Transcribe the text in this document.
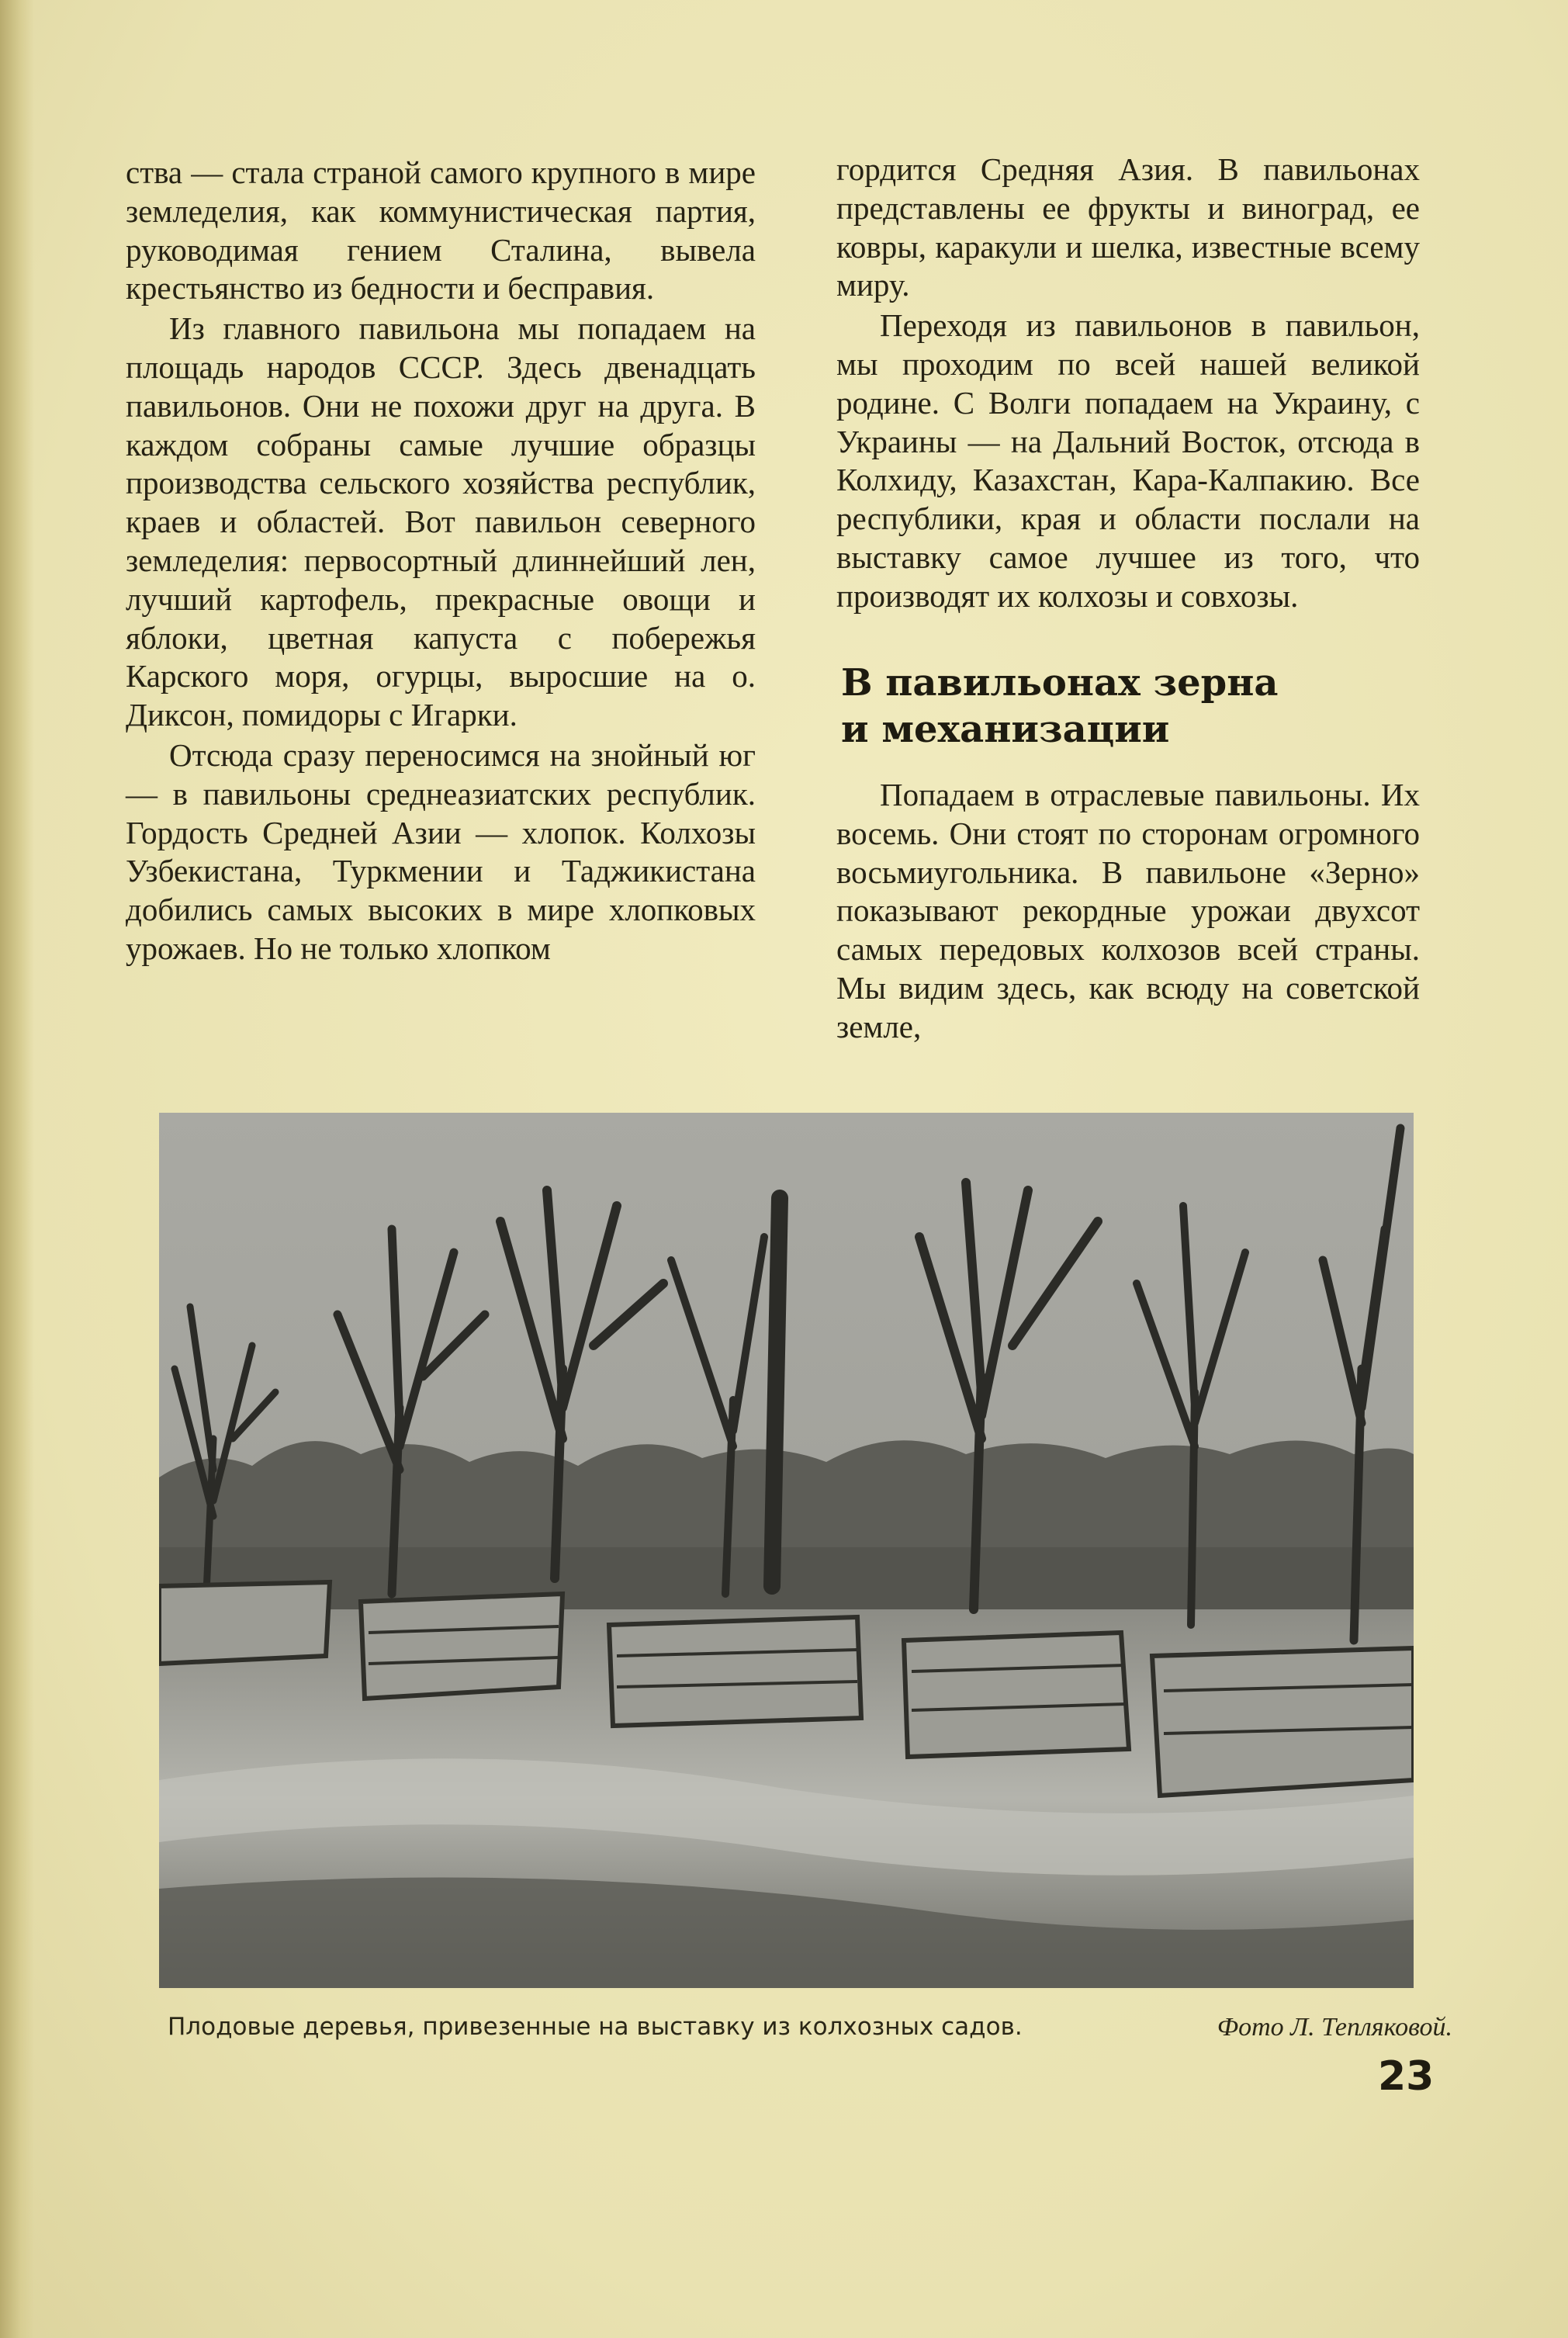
ства — стала страной самого крупного в мире земледелия, как коммунистическая партия, руководимая гением Сталина, вывела крестьянство из бедности и бесправия.

Из главного павильона мы попадаем на площадь народов СССР. Здесь двенадцать павильонов. Они не похожи друг на друга. В каждом собраны самые лучшие образцы производства сельского хозяйства республик, краев и областей. Вот павильон северного земледелия: первосортный длиннейший лен, лучший картофель, прекрасные овощи и яблоки, цветная капуста с побережья Карского моря, огурцы, выросшие на о. Диксон, помидоры с Игарки.

Отсюда сразу переносимся на знойный юг — в павильоны среднеазиатских республик. Гордость Средней Азии — хлопок. Колхозы Узбекистана, Туркмении и Таджикистана добились самых высоких в мире хлопковых урожаев. Но не только хлопком

гордится Средняя Азия. В павильонах представлены ее фрукты и виноград, ее ковры, каракули и шелка, известные всему миру.

Переходя из павильонов в павильон, мы проходим по всей нашей великой родине. С Волги попадаем на Украину, с Украины — на Дальний Восток, отсюда в Колхиду, Казахстан, Кара-Калпакию. Все республики, края и области послали на выставку самое лучшее из того, что производят их колхозы и совхозы.

В павильонах зерна
и механизации

Попадаем в отраслевые павильоны. Их восемь. Они стоят по сторонам огромного восьмиугольника. В павильоне «Зерно» показывают рекордные урожаи двухсот самых передовых колхозов всей страны. Мы видим здесь, как всюду на советской земле,

Плодовые деревья, привезенные на выставку из колхозных садов.	Фото Л. Тепляковой.
23
